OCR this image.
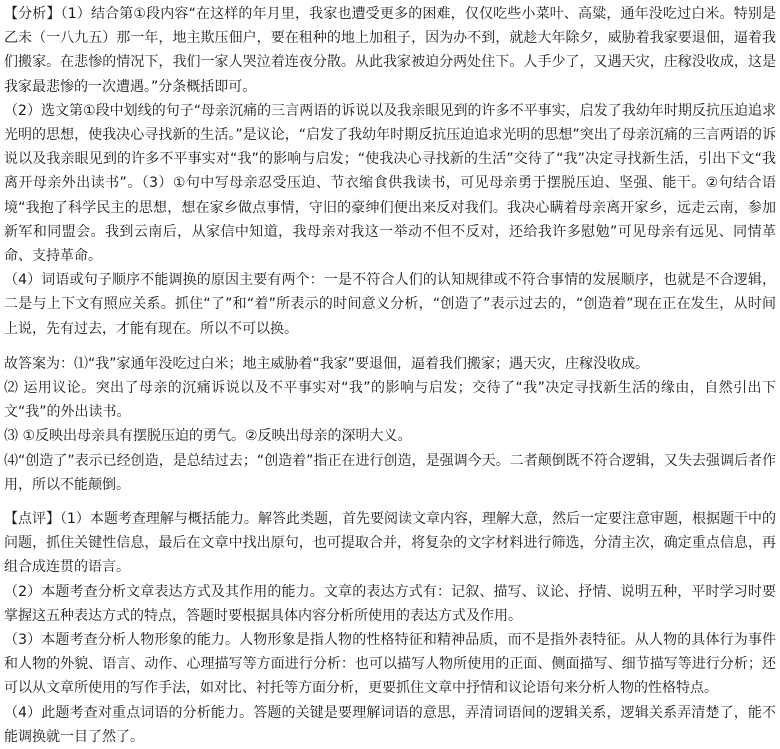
【分析】（1）结合第①段内容“在这样的年月里，我家也遭受更多的困难，仅仅吃些小菜叶、高粱，通年没吃过白米。特别是乙未（一八九五）那一年，地主欺压佃户，要在租种的地上加租子，因为办不到，就趁大年除夕，威胁着我家要退佃，逼着我们搬家。在悲惨的情况下，我们一家人哭泣着连夜分散。从此我家被迫分两处住下。人手少了，又遇天灾，庄稼没收成，这是我家最悲惨的一次遭遇。”分条概括即可。

（2）选文第①段中划线的句子“母亲沉痛的三言两语的诉说以及我亲眼见到的许多不平事实，启发了我幼年时期反抗压迫追求光明的思想，使我决心寻找新的生活。”是议论，“启发了我幼年时期反抗压迫追求光明的思想”突出了母亲沉痛的三言两语的诉说以及我亲眼见到的许多不平事实对“我”的影响与启发；“使我决心寻找新的生活”交待了“我”决定寻找新生活，引出下文“我离开母亲外出读书”。（3）①句中写母亲忍受压迫、节衣缩食供我读书，可见母亲勇于摆脱压迫、坚强、能干。②句结合语境“我抱了科学民主的思想，想在家乡做点事情，守旧的豪绅们便出来反对我们。我决心瞒着母亲离开家乡，远走云南，参加新军和同盟会。我到云南后，从家信中知道，我母亲对我这一举动不但不反对，还给我许多慰勉”可见母亲有远见、同情革命、支持革命。

（4）词语或句子顺序不能调换的原因主要有两个：一是不符合人们的认知规律或不符合事情的发展顺序，也就是不合逻辑，二是与上下文有照应关系。抓住“了”和“着”所表示的时间意义分析，“创造了”表示过去的，“创造着”现在正在发生，从时间上说，先有过去，才能有现在。所以不可以换。

故答案为：⑴“我”家通年没吃过白米；地主威胁着“我家”要退佃，逼着我们搬家；遇天灾，庄稼没收成。

⑵ 运用议论。突出了母亲的沉痛诉说以及不平事实对“我”的影响与启发；交待了“我”决定寻找新生活的缘由，自然引出下文“我”的外出读书。

⑶ ①反映出母亲具有摆脱压迫的勇气。②反映出母亲的深明大义。

⑷“创造了”表示已经创造，是总结过去；“创造着”指正在进行创造，是强调今天。二者颠倒既不符合逻辑，又失去强调后者作用，所以不能颠倒。

【点评】（1）本题考查理解与概括能力。解答此类题，首先要阅读文章内容，理解大意，然后一定要注意审题，根据题干中的问题，抓住关键性信息，最后在文章中找出原句，也可提取合并，将复杂的文字材料进行筛选，分清主次，确定重点信息，再组合成连贯的语言。

（2）本题考查分析文章表达方式及其作用的能力。文章的表达方式有：记叙、描写、议论、抒情、说明五种，平时学习时要掌握这五种表达方式的特点，答题时要根据具体内容分析所使用的表达方式及作用。

（3）本题考查分析人物形象的能力。人物形象是指人物的性格特征和精神品质，而不是指外表特征。从人物的具体行为事件和人物的外貌、语言、动作、心理描写等方面进行分析：也可以描写人物所使用的正面、侧面描写、细节描写等进行分析；还可以从文章所使用的写作手法，如对比、衬托等方面分析，更要抓住文章中抒情和议论语句来分析人物的性格特点。

（4）此题考查对重点词语的分析能力。答题的关键是要理解词语的意思，弄清词语间的逻辑关系，逻辑关系弄清楚了，能不能调换就一目了然了。
